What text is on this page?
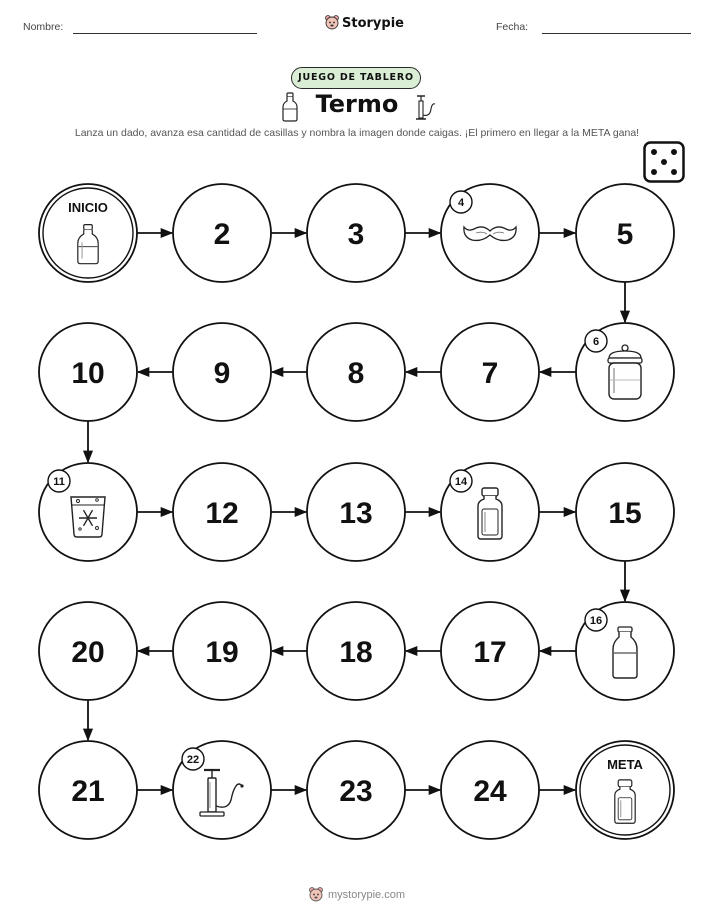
Nombre:	Storypie	Fecha:
JUEGO DE TABLERO
Termo
Lanza un dado, avanza esa cantidad de casillas y nombra la imagen donde caigas. ¡El primero en llegar a la META gana!
INICIO
2	3
4
5
6
7
8
9
10
11
12	13
14
15
16
17
18
19
20
21
22
23	24
META
mystorypie.com
